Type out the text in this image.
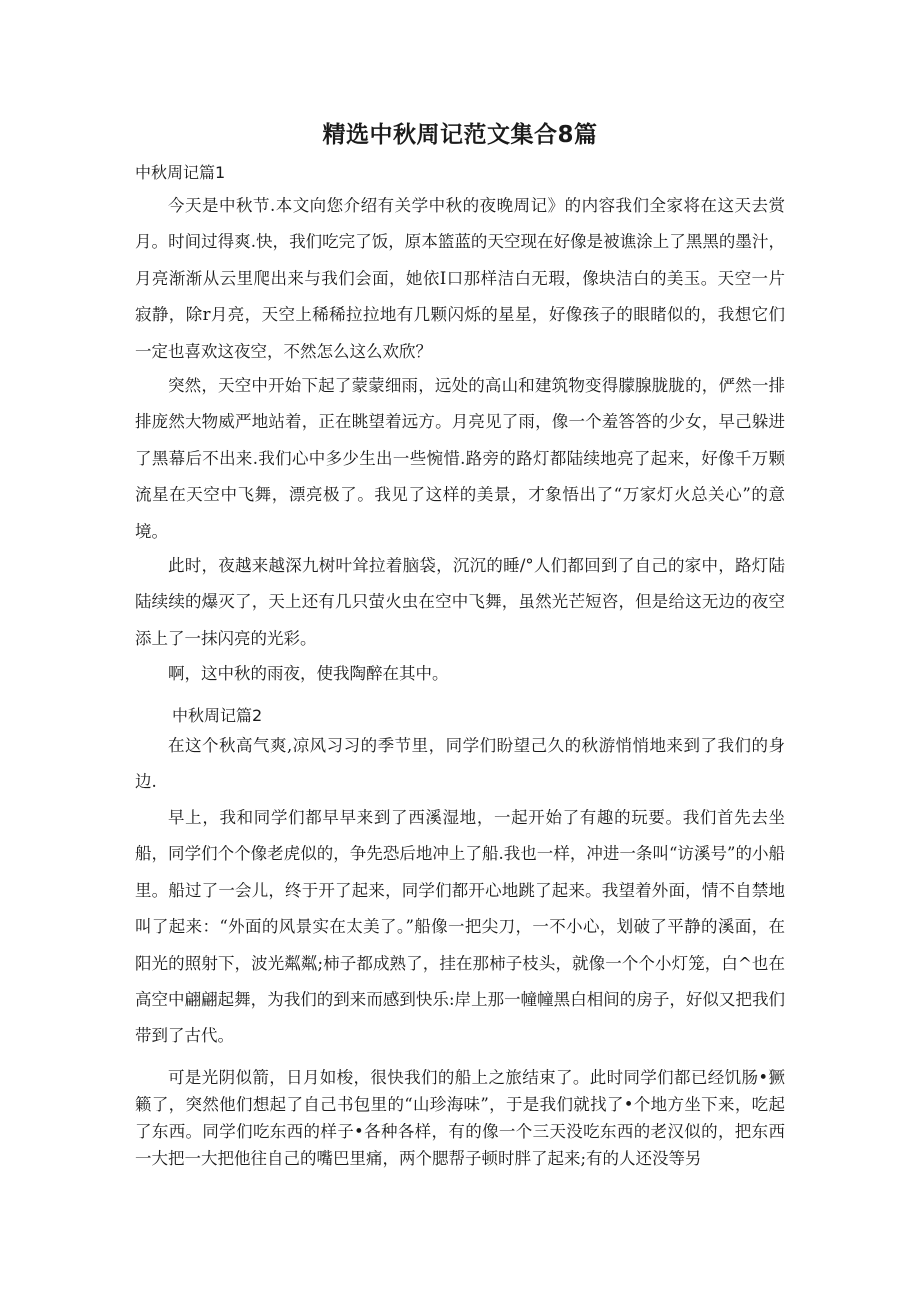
精选中秋周记范文集合8篇
中秋周记篇1

今天是中秋节.本文向您介绍有关学中秋的夜晚周记》的内容我们全家将在这天去赏月。时间过得爽.快，我们吃完了饭，原本篮蓝的天空现在好像是被谯涂上了黑黑的墨汁，月亮渐渐从云里爬出来与我们会面，她依I口那样洁白无瑕，像块洁白的美玉。天空一片寂静，除r月亮，天空上稀稀拉拉地有几颗闪烁的星星，好像孩子的眼睹似的，我想它们一定也喜欢这夜空，不然怎么这么欢欣？

突然，天空中开始下起了蒙蒙细雨，远处的高山和建筑物变得朦腺胧胧的，俨然一排排庞然大物威严地站着，正在眺望着远方。月亮见了雨，像一个羞答答的少女，早己躲进了黑幕后不出来.我们心中多少生出一些惋惜.路旁的路灯都陆续地亮了起来，好像千万颗流星在天空中飞舞，漂亮极了。我见了这样的美景，才象悟出了“万家灯火总关心”的意境。

此时，夜越来越深九树叶耸拉着脑袋，沉沉的睡/°人们都回到了自己的家中，路灯陆陆续续的爆灭了，天上还有几只萤火虫在空中飞舞，虽然光芒短咨，但是给这无边的夜空添上了一抹闪亮的光彩。

啊，这中秋的雨夜，使我陶醉在其中。

中秋周记篇2

在这个秋高气爽,凉风习习的季节里，同学们盼望己久的秋游悄悄地来到了我们的身边.

早上，我和同学们都早早来到了西溪湿地，一起开始了有趣的玩要。我们首先去坐船，同学们个个像老虎似的，争先恐后地冲上了船.我也一样，冲进一条叫“访溪号”的小船里。船过了一会儿，终于开了起来，同学们都开心地跳了起来。我望着外面，情不自禁地叫了起来：“外面的风景实在太美了。”船像一把尖刀，一不小心，划破了平静的溪面，在阳光的照射下，波光粼粼;柿子都成熟了，挂在那柿子枝头，就像一个个小灯笼，白^也在高空中翩翩起舞，为我们的到来而感到快乐:岸上那一幢幢黑白相间的房子，好似又把我们带到了古代。

可是光阴似箭，日月如梭，很快我们的船上之旅结束了。此时同学们都已经饥肠•獗籁了，突然他们想起了自己书包里的“山珍海味”，于是我们就找了•个地方坐下来，吃起了东西。同学们吃东西的样子•各种各样，有的像一个三天没吃东西的老汉似的，把东西一大把一大把他往自己的嘴巴里痛，两个腮帮子顿时胖了起来;有的人还没等另
